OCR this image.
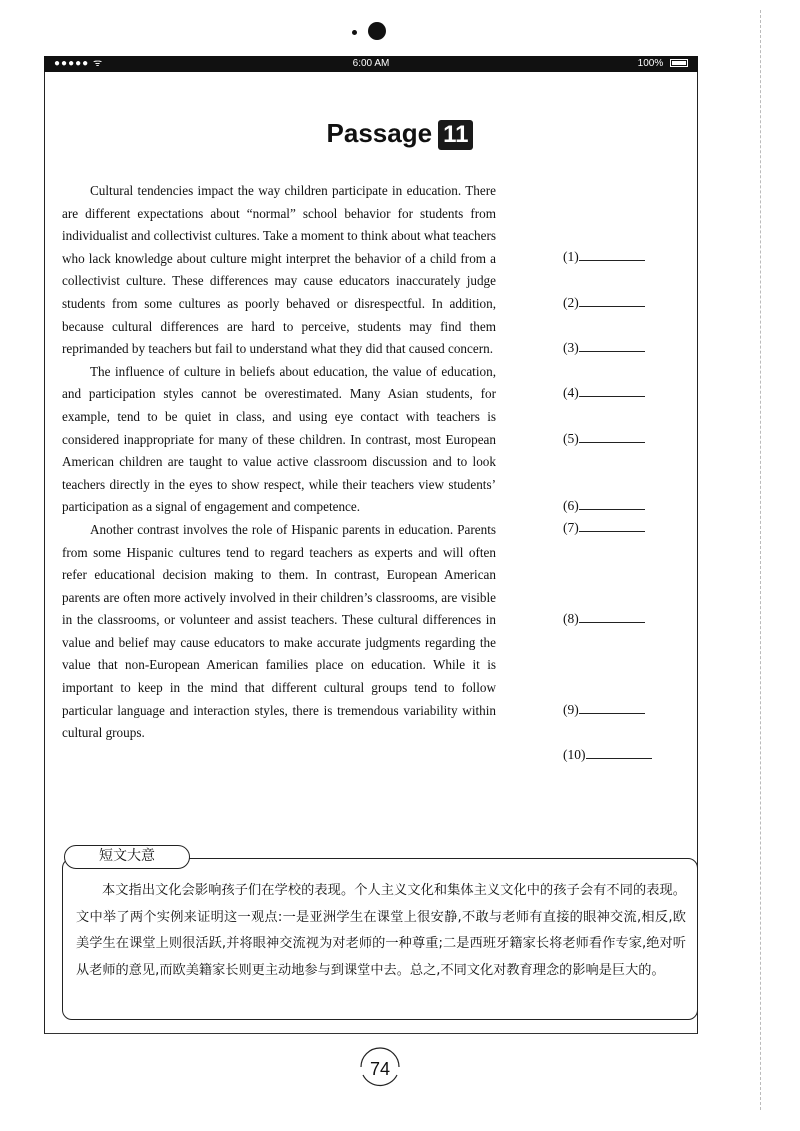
●●●●● ᯤ	6:00 AM	100%
Passage 11

Cultural tendencies impact the way children participate in education. There are different expectations about “normal” school behavior for students from individualist and collectivist cultures. Take a moment to think about what teachers who lack knowledge about culture might interpret the behavior of a child from a collectivist culture. These differences may cause educators inaccurately judge students from some cultures as poorly behaved or disrespectful. In addition, because cultural differences are hard to perceive, students may find them reprimanded by teachers but fail to understand what they did that caused concern.

The influence of culture in beliefs about education, the value of education, and participation styles cannot be overestimated. Many Asian students, for example, tend to be quiet in class, and using eye contact with teachers is considered inappropriate for many of these children. In contrast, most European American children are taught to value active classroom discussion and to look teachers directly in the eyes to show respect, while their teachers view students’ participation as a signal of engagement and competence.

Another contrast involves the role of Hispanic parents in education. Parents from some Hispanic cultures tend to regard teachers as experts and will often refer educational decision making to them. In contrast, European American parents are often more actively involved in their children’s classrooms, are visible in the classrooms, or volunteer and assist teachers. These cultural differences in value and belief may cause educators to make accurate judgments regarding the value that non-European American families place on education. While it is important to keep in the mind that different cultural groups tend to follow particular language and interaction styles, there is tremendous variability within cultural groups.

(1)
(2)
(3)
(4)
(5)
(6)
(7)
(8)
(9)
(10)
短文大意
本文指出文化会影响孩子们在学校的表现。个人主义文化和集体主义文化中的孩子会有不同的表现。文中举了两个实例来证明这一观点:一是亚洲学生在课堂上很安静,不敢与老师有直接的眼神交流,相反,欧美学生在课堂上则很活跃,并将眼神交流视为对老师的一种尊重;二是西班牙籍家长将老师看作专家,绝对听从老师的意见,而欧美籍家长则更主动地参与到课堂中去。总之,不同文化对教育理念的影响是巨大的。
74
